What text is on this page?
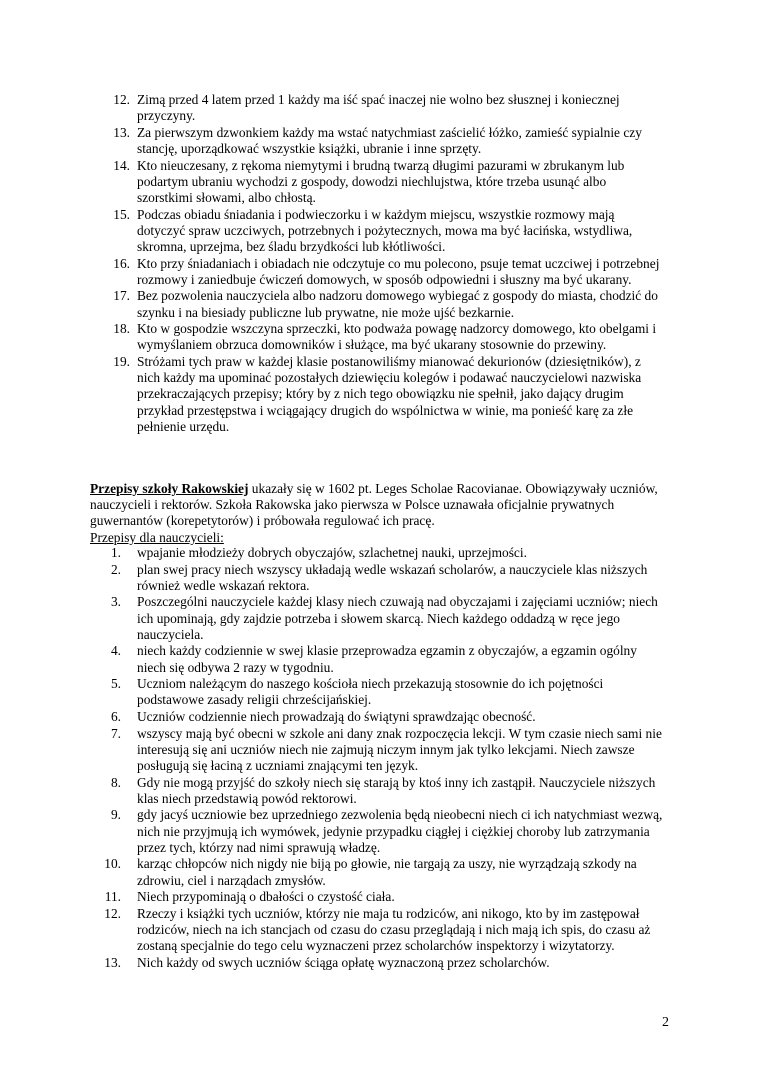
12. Zimą przed 4 latem przed 1 każdy ma iść spać inaczej nie wolno bez słusznej i koniecznej przyczyny.
13. Za pierwszym dzwonkiem każdy ma wstać natychmiast zaścielić łóżko, zamieść sypialnie czy stancję, uporządkować wszystkie książki, ubranie i inne sprzęty.
14. Kto nieuczesany, z rękoma niemytymi i brudną twarzą długimi pazurami w zbrukanym lub podartym ubraniu wychodzi z gospody, dowodzi niechlujstwa, które trzeba usunąć albo szorstkimi słowami, albo chłostą.
15. Podczas obiadu śniadania i podwieczorku i w każdym miejscu, wszystkie rozmowy mają dotyczyć spraw uczciwych, potrzebnych i pożytecznych, mowa ma być łacińska, wstydliwa, skromna, uprzejma, bez śladu brzydkości lub kłótliwości.
16. Kto przy śniadaniach i obiadach nie odczytuje co mu polecono, psuje temat uczciwej i potrzebnej rozmowy i zaniedbuje ćwiczeń domowych, w sposób odpowiedni i słuszny ma być ukarany.
17. Bez pozwolenia nauczyciela albo nadzoru domowego wybiegać z gospody do miasta, chodzić do szynku i na biesiady publiczne lub prywatne, nie może ujść bezkarnie.
18. Kto w gospodzie wszczyna sprzeczki, kto podważa powagę nadzorcy domowego, kto obelgami i wymyślaniem obrzuca domowników i służące, ma być ukarany stosownie do przewiny.
19. Stróżami tych praw w każdej klasie postanowiliśmy mianować dekurionów (dziesiętników), z nich każdy ma upominać pozostałych dziewięciu kolegów i podawać nauczycielowi nazwiska przekraczających przepisy; który by z nich tego obowiązku nie spełnił, jako dający drugim przykład przestępstwa i wciągający drugich do wspólnictwa w winie, ma ponieść karę za złe pełnienie urzędu.

Przepisy szkoły Rakowskiej ukazały się w 1602 pt. Leges Scholae Racovianae. Obowiązywały uczniów, nauczycieli i rektorów. Szkoła Rakowska jako pierwsza w Polsce uznawała oficjalnie prywatnych guwernantów (korepetytorów) i próbowała regulować ich pracę.

Przepisy dla nauczycieli:

1. wpajanie młodzieży dobrych obyczajów, szlachetnej nauki, uprzejmości.
2. plan swej pracy niech wszyscy układają wedle wskazań scholarów, a nauczyciele klas niższych również wedle wskazań rektora.
3. Poszczególni nauczyciele każdej klasy niech czuwają nad obyczajami i zajęciami uczniów; niech ich upominają, gdy zajdzie potrzeba i słowem skarcą. Niech każdego oddadzą w ręce jego nauczyciela.
4. niech każdy codziennie w swej klasie przeprowadza egzamin z obyczajów, a egzamin ogólny niech się odbywa 2 razy w tygodniu.
5. Uczniom należącym do naszego kościoła niech przekazują stosownie do ich pojętności podstawowe zasady religii chrześcijańskiej.
6. Uczniów codziennie niech prowadzają do świątyni sprawdzając obecność.
7. wszyscy mają być obecni w szkole ani dany znak rozpoczęcia lekcji. W tym czasie niech sami nie interesują się ani uczniów niech nie zajmują niczym innym jak tylko lekcjami. Niech zawsze posługują się łaciną z uczniami znającymi ten język.
8. Gdy nie mogą przyjść do szkoły niech się starają by ktoś inny ich zastąpił. Nauczyciele niższych klas niech przedstawią powód rektorowi.
9. gdy jacyś uczniowie bez uprzedniego zezwolenia będą nieobecni niech ci ich natychmiast wezwą, nich nie przyjmują ich wymówek, jedynie przypadku ciągłej i ciężkiej choroby lub zatrzymania przez tych, którzy nad nimi sprawują władzę.
10. karząc chłopców nich nigdy nie biją po głowie, nie targają za uszy, nie wyrządzają szkody na zdrowiu, ciel i narządach zmysłów.
11. Niech przypominają o dbałości o czystość ciała.
12. Rzeczy i książki tych uczniów, którzy nie maja tu rodziców, ani nikogo, kto by im zastępował rodziców, niech na ich stancjach od czasu do czasu przeglądają i nich mają ich spis, do czasu aż zostaną specjalnie do tego celu wyznaczeni przez scholarchów inspektorzy i wizytatorzy.
13. Nich każdy od swych uczniów ściąga opłatę wyznaczoną przez scholarchów.
2
